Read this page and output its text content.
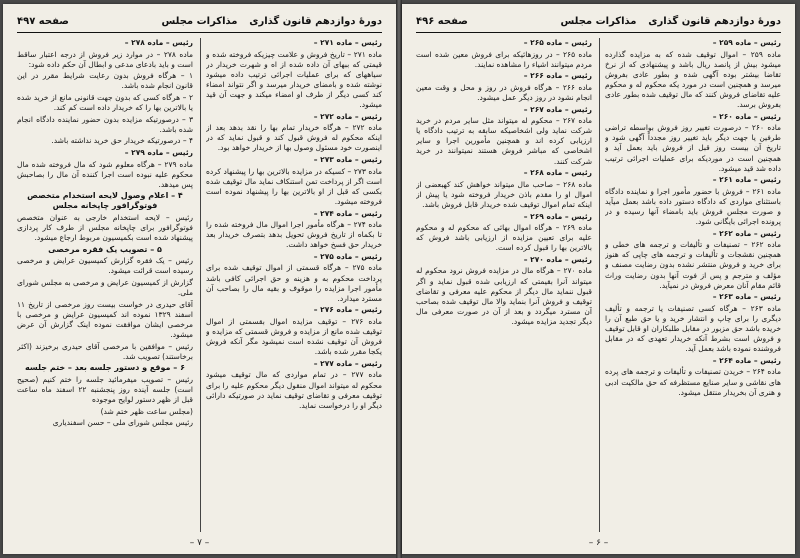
دورهٔ دوازدهم قانون گذاری
مذاکرات مجلس
صفحه ۴۹۷

رئیس – ماده ۲۷۱ –

ماده ۲۷۱ – تاریخ فروش و علامت چیزیکه فروخته شده و قیمتی که ببهای آن داده شده از اه و شهرت خریدار در سیاههای که برای عملیات اجرائی ترتیب داده میشود نوشته شده و بامضای خریدار میرسد و اگر نتواند امضاء کند کسی دیگر از طرف او امضاء میکند و جهت آن قید میشود.

رئیس – ماده ۲۷۲ –

ماده ۲۷۲ – هرگاه خریدار تمام بها را نقد بدهد بعد از اینکه محکوم له فروش قبول کند و قبول نماید که در اینصورت خود مسئول وصول بها از خریدار خواهد بود.

رئیس – ماده ۲۷۳ –

ماده ۲۷۳ – کسیکه در مزایده بالاترین بها را پیشنهاد کرده است اگر از پرداخت تمن استنکاف نماید مال توقیف شده بکسی که قبل از او بالاترین بها را پیشنهاد نموده است فروخته میشود.

رئیس – ماده ۲۷۴ –

ماده ۲۷۴ – هرگاه مأمور اجرا اموال مال فروخته شده را تا بکماه از تاریخ فروش تحویل بدهد بتصرف خریدار بعد خریدار حق فسخ خواهد داشت.

رئیس – ماده ۲۷۵ –

ماده ۲۷۵ – هرگاه قسمتی از اموال توقیف شده برای پرداخت محکوم به و هزینه و حق اجرائی کافی باشد مأمور اجرا مزایده را موقوف و بقیه مال را بصاحب آن مسترد میدارد.

رئیس – ماده ۲۷۶ –

ماده ۲۷۶ – توقیف مزایده اموال بقسمتی از اموال توقیف شده مانع از مزایده و فروش قسمتی که مزایده و فروش آن توقیف نشده است نمیشود مگر آنکه فروش یکجا مقرر شده باشد.

رئیس – ماده ۲۷۷ –

ماده ۲۷۷ – در تمام مواردی که مال توقیف میشود محکوم له میتواند اموال منقول دیگر محکوم علیه را برای توقیف معرفی و تقاضای توقیف نماید در صورتیکه دارائی دیگر او را درخواست نماید.

رئیس – ماده ۲۷۸ –

ماده ۲۷۸ – در موارد زیر فروش از درجه اعتبار ساقط است و باید بادعای مدعی و ابطال آن حکم داده شود:

۱ – هرگاه فروش بدون رعایت شرایط مقرر در این قانون انجام شده باشد.

۲ – هرگاه کسی که بدون جهت قانونی مانع از خرید شده یا بالاترین بها را که خریدار داده است کم کند.

۳ – درصورتیکه مزایده بدون حضور نماینده دادگاه انجام شده باشد.

۴ – درصورتیکه خریدار حق خرید نداشته باشد.

رئیس – ماده ۲۷۹ –

ماده ۲۷۹ – هرگاه معلوم شود که مال فروخته شده مال محکوم علیه نبوده است اجرا کننده آن مال را بصاحبش پس میدهد.

۴ – اعلام وصول لایحه استخدام متخصص فوتوگرافور چاپخانه مجلس

رئیس – لایحه استخدام خارجی به عنوان متخصص فوتوگرافور برای چاپخانه مجلس از طرف کار پردازی پیشنهاد شده است بکمیسیون مربوط ارجاع میشود.

۵ – تصویب یک فقره مرخصی

رئیس – یک فقره گزارش کمیسیون عرایض و مرخصی رسیده است قرائت میشود.

گزارش از کمیسیون عرایض و مرخصی به مجلس شورای ملی.

آقای حیدری در خواست بیست روز مرخصی از تاریخ ۱۱ اسفند ۱۳۲۹ نموده اند کمیسیون عرایض و مرخصی با مرخصی ایشان موافقت نموده اینک گزارش آن عرض میشود.

رئیس – موافقین با مرخصی آقای حیدری برخیزند (اکثر برخاستند) تصویب شد.

۶ – موقع و دستور جلسه بعد – ختم جلسه

رئیس – تصویب میفرمائید جلسه را ختم کنیم (صحیح است) جلسه آینده روز پنجشنبه ۲۲ اسفند ماه ساعت قبل از ظهر دستور لوایح موجوده

(مجلس ساعت ظهر ختم شد)

رئیس مجلس شورای ملی – حسن اسفندیاری

– ۷ –
دورهٔ دوازدهم قانون گذاری
مذاکرات مجلس
صفحه ۴۹۶

رئیس – ماده ۲۵۹ –

ماده ۲۵۹ – اموال توقیف شده که به مزایده گذارده میشود بیش از پانصد ریال باشد و پیشنهادی که از نرخ تقاضا بیشتر بوده آگهی شده و بطور عادی بفروش میرسد و همچنین است در مورد یکه محکوم له و محکوم علیه تقاضای فروش کنند که مال توقیف شده بطور عادی بفروش برسد.

رئیس – ماده ۲۶۰ –

ماده ۲۶۰ – درصورت تغییر روز فروش بواسطه تراضی طرفین یا جهت دیگر باید تغییر روز مجدداً آگهی شود و تاریخ آن بیست روز قبل از فروش باید بعمل آید و همچنین است در موردیکه برای عملیات اجرائی ترتیب داده شد قید میشود.

رئیس – ماده ۲۶۱ –

ماده ۲۶۱ – فروش با حضور مأمور اجرا و نماینده دادگاه باستثنای مواردی که دادگاه دستور داده باشد بعمل میآید و صورت مجلس فروش باید بامضاء آنها رسیده و در پرونده اجرائی بایگانی شود.

رئیس – ماده ۲۶۲ –

ماده ۲۶۲ – تصنیفات و تألیفات و ترجمه های خطی و همچنین نقشجات و تألیفات و ترجمه های چاپی که هنوز برای خرید و فروش منتشر نشده بدون رضایت مصنف و مؤلف و مترجم و پس از فوت آنها بدون رضایت وراث قائم مقام آنان معرض فروش در نمیآید.

رئیس – ماده ۲۶۳ –

ماده ۲۶۳ – هرگاه کسی تصنیفات یا ترجمه و تألیف دیگری را برای چاپ و انتشار خرید و یا حق طبع آن را خریده باشد حق مزبور در مقابل طلبکاران او قابل توقیف و فروش است بشرط آنکه خریدار تعهدی که در مقابل فروشنده نموده باشد بعمل آید.

رئیس – ماده ۲۶۴ –

ماده ۲۶۴ – خریدن تصنیفات و تألیفات و ترجمه های پرده های نقاشی و سایر صنایع مستظرفه که حق مالکیت ادبی و هنری آن بخریدار منتقل میشود.

رئیس – ماده ۲۶۵ –

ماده ۲۶۵ – در روزهائیکه برای فروش معین شده است مردم میتوانند اشیاء را مشاهده نمایند.

رئیس – ماده ۲۶۶ –

ماده ۲۶۶ – هرگاه فروش در روز و محل و وقت معین انجام نشود در روز دیگر عمل میشود.

رئیس – ماده ۲۶۷ –

ماده ۲۶۷ – محکوم له میتواند مثل سایر مردم در خرید شرکت نماید ولی اشخاصیکه سابقه به ترتیب دادگاه یا ارزیابی کرده اند و همچنین مأمورین اجرا و سایر اشخاصی که مباشر فروش هستند نمیتوانند در خرید شرکت کنند.

رئیس – ماده ۲۶۸ –

ماده ۲۶۸ – صاحب مال میتواند خواهش کند کهبعضی از اموال او را مقدم باذن خریدار فروخته شود یا پیش از اینکه تمام اموال توقیف شده خریدار قابل فروش باشد.

رئیس – ماده ۲۶۹ –

ماده ۲۶۹ – هرگاه اموال بهائی که محکوم له و محکوم علیه برای تعیین مزایده از ارزیابی باشد فروش که بالاترین بها را قبول کرده است.

رئیس – ماده ۲۷۰ –

ماده ۲۷۰ – هرگاه مال در مزایده فروش نرود محکوم له میتواند آنرا بقیمتی که ارزیابی شده قبول نماید و اگر قبول ننماید مال دیگر از محکوم علیه معرفی و تقاضای توقیف و فروش آنرا بنماید والا مال توقیف شده بصاحب آن مسترد میگردد و بعد از آن در صورت معرفی مال دیگر تجدید مزایده میشود.

– ۶ –
